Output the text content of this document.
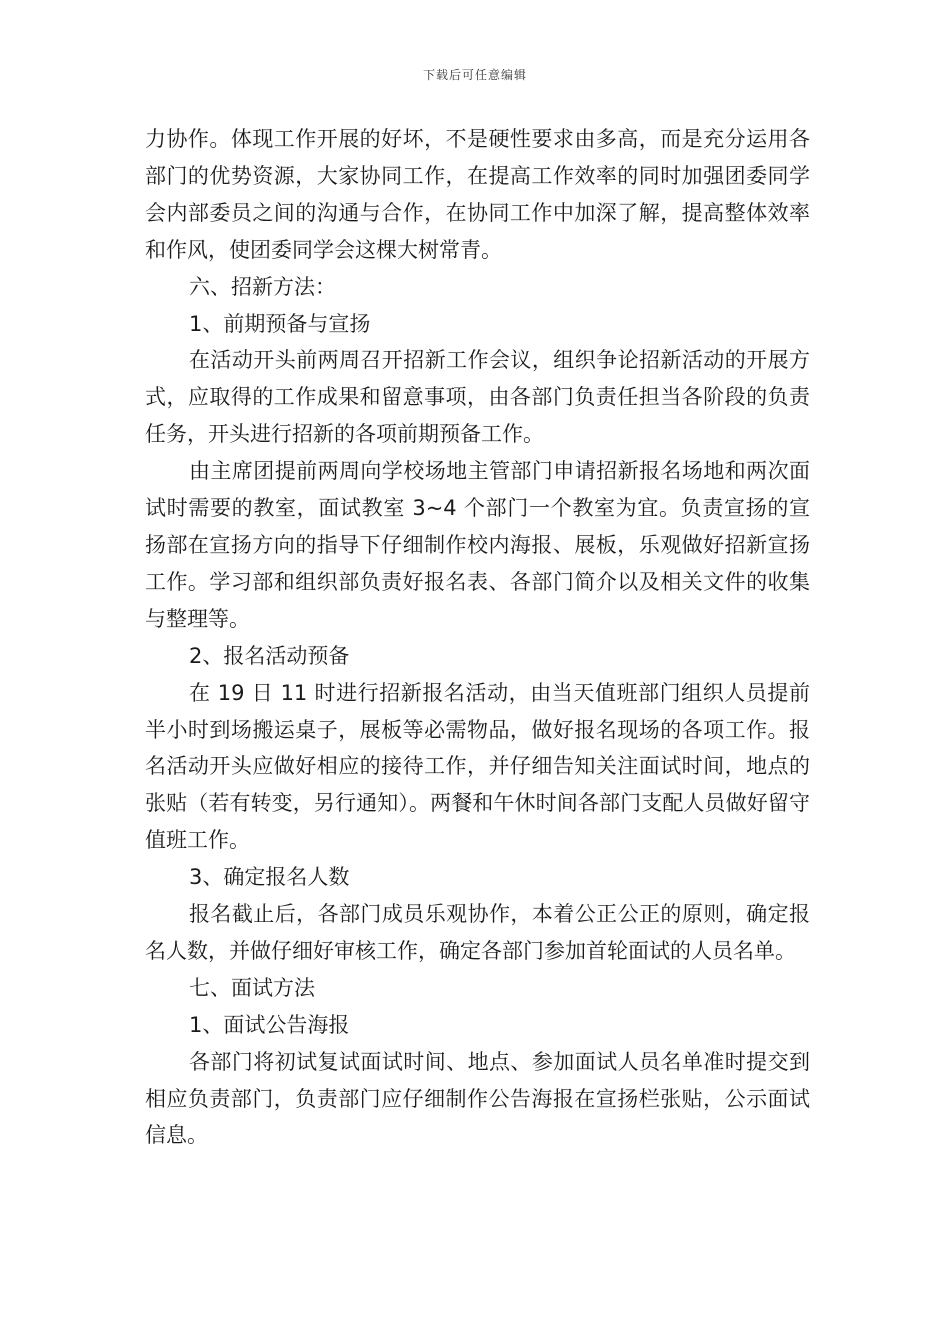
下载后可任意编辑

力协作。体现工作开展的好坏，不是硬性要求由多高，而是充分运用各部门的优势资源，大家协同工作，在提高工作效率的同时加强团委同学会内部委员之间的沟通与合作，在协同工作中加深了解，提高整体效率和作风，使团委同学会这棵大树常青。

六、招新方法：

1、前期预备与宣扬

在活动开头前两周召开招新工作会议，组织争论招新活动的开展方式，应取得的工作成果和留意事项，由各部门负责任担当各阶段的负责任务，开头进行招新的各项前期预备工作。

由主席团提前两周向学校场地主管部门申请招新报名场地和两次面试时需要的教室，面试教室 3~4 个部门一个教室为宜。负责宣扬的宣扬部在宣扬方向的指导下仔细制作校内海报、展板，乐观做好招新宣扬工作。学习部和组织部负责好报名表、各部门简介以及相关文件的收集与整理等。

2、报名活动预备

在 19 日 11 时进行招新报名活动，由当天值班部门组织人员提前半小时到场搬运桌子，展板等必需物品，做好报名现场的各项工作。报名活动开头应做好相应的接待工作，并仔细告知关注面试时间，地点的张贴（若有转变，另行通知）。两餐和午休时间各部门支配人员做好留守值班工作。

3、确定报名人数

报名截止后，各部门成员乐观协作，本着公正公正的原则，确定报名人数，并做仔细好审核工作，确定各部门参加首轮面试的人员名单。

七、面试方法

1、面试公告海报

各部门将初试复试面试时间、地点、参加面试人员名单准时提交到相应负责部门，负责部门应仔细制作公告海报在宣扬栏张贴，公示面试信息。
